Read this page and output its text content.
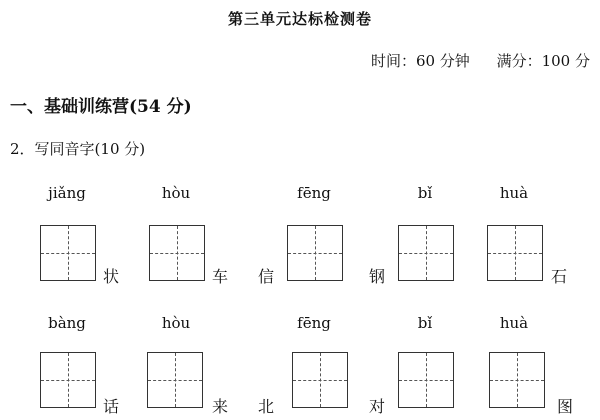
第三单元达标检测卷
时间：60 分钟 满分：100 分
一、基础训练营(54 分)
2．写同音字(10 分)
jiǎng	hòu	fēng	bǐ	huà
状	车 信	钢	石
bàng	hòu	fēng	bǐ	huà
话	来 北	对	图
